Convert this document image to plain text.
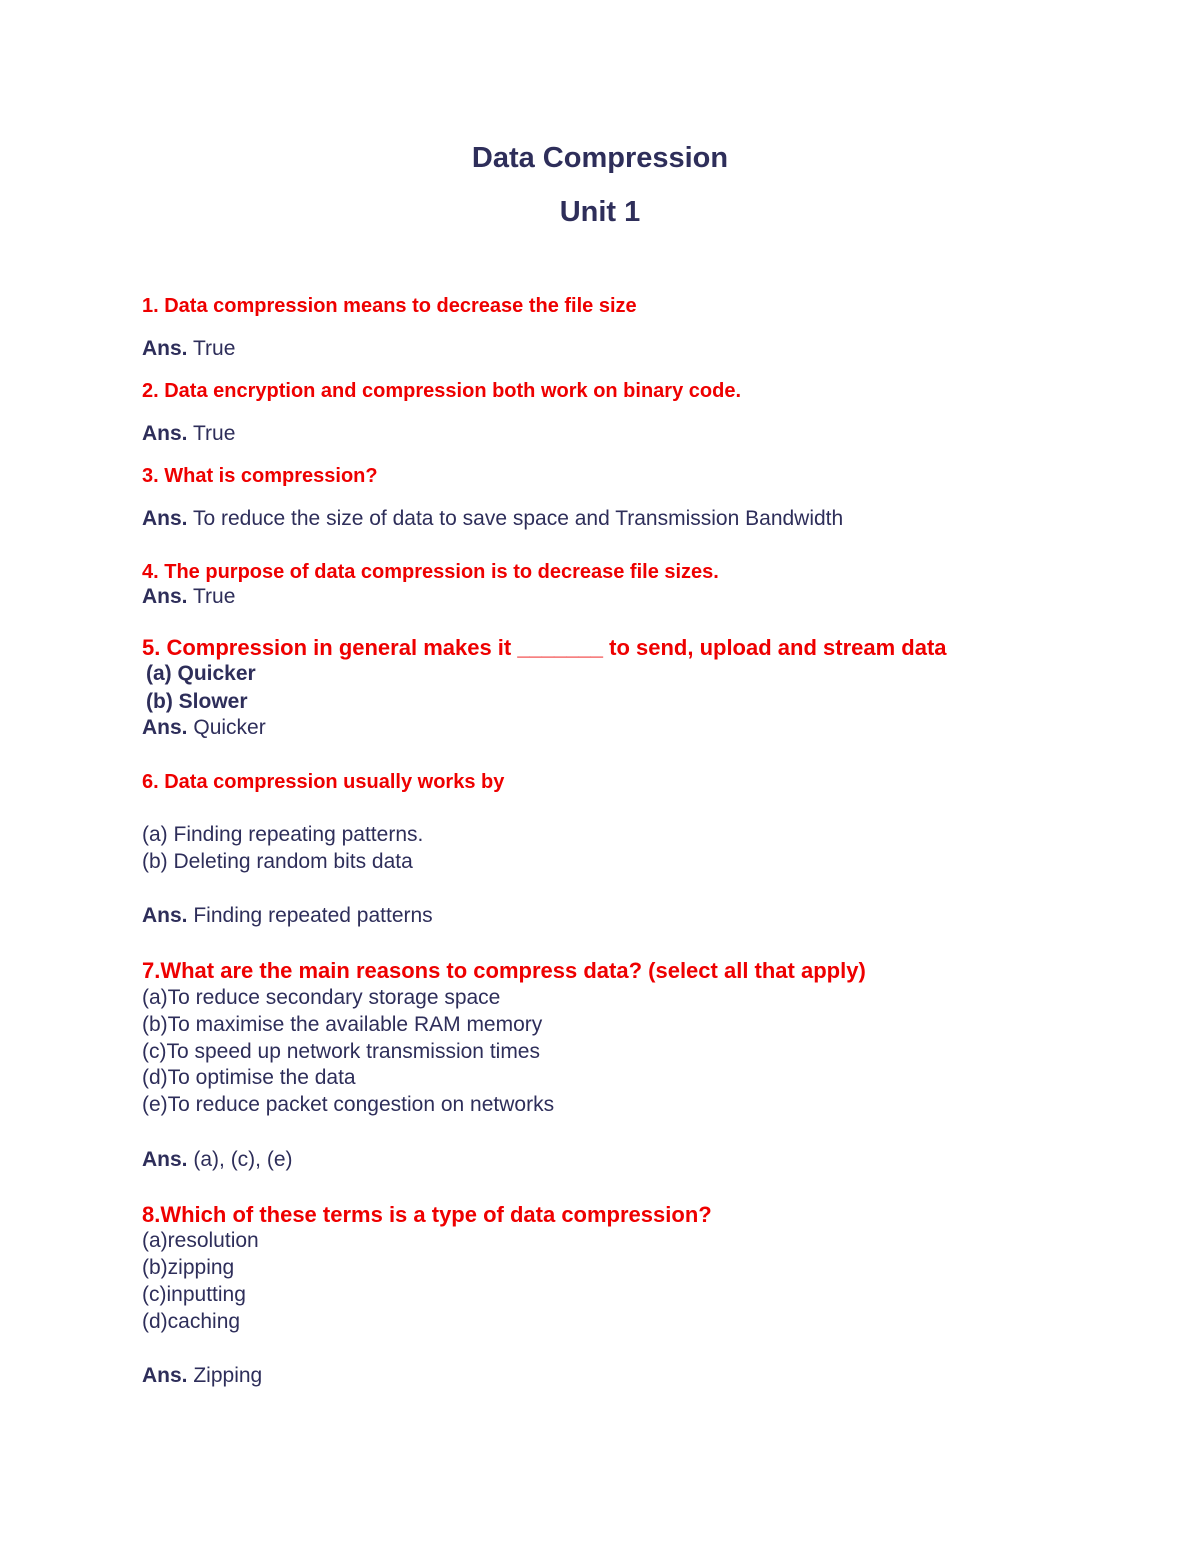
Data Compression
Unit 1
1. Data compression means to decrease the file size
Ans. True
2. Data encryption and compression both work on binary code.
Ans. True
3. What is compression?
Ans. To reduce the size of data to save space and Transmission Bandwidth
4. The purpose of data compression is to decrease file sizes.
Ans. True
5. Compression in general makes it _______ to send, upload and stream data
(a) Quicker
(b) Slower
Ans. Quicker
6. Data compression usually works by
(a) Finding repeating patterns.
(b) Deleting random bits data
Ans. Finding repeated patterns
7.What are the main reasons to compress data? (select all that apply)
(a)To reduce secondary storage space
(b)To maximise the available RAM memory
(c)To speed up network transmission times
(d)To optimise the data
(e)To reduce packet congestion on networks
Ans. (a), (c), (e)
8.Which of these terms is a type of data compression?
(a)resolution
(b)zipping
(c)inputting
(d)caching
Ans. Zipping
